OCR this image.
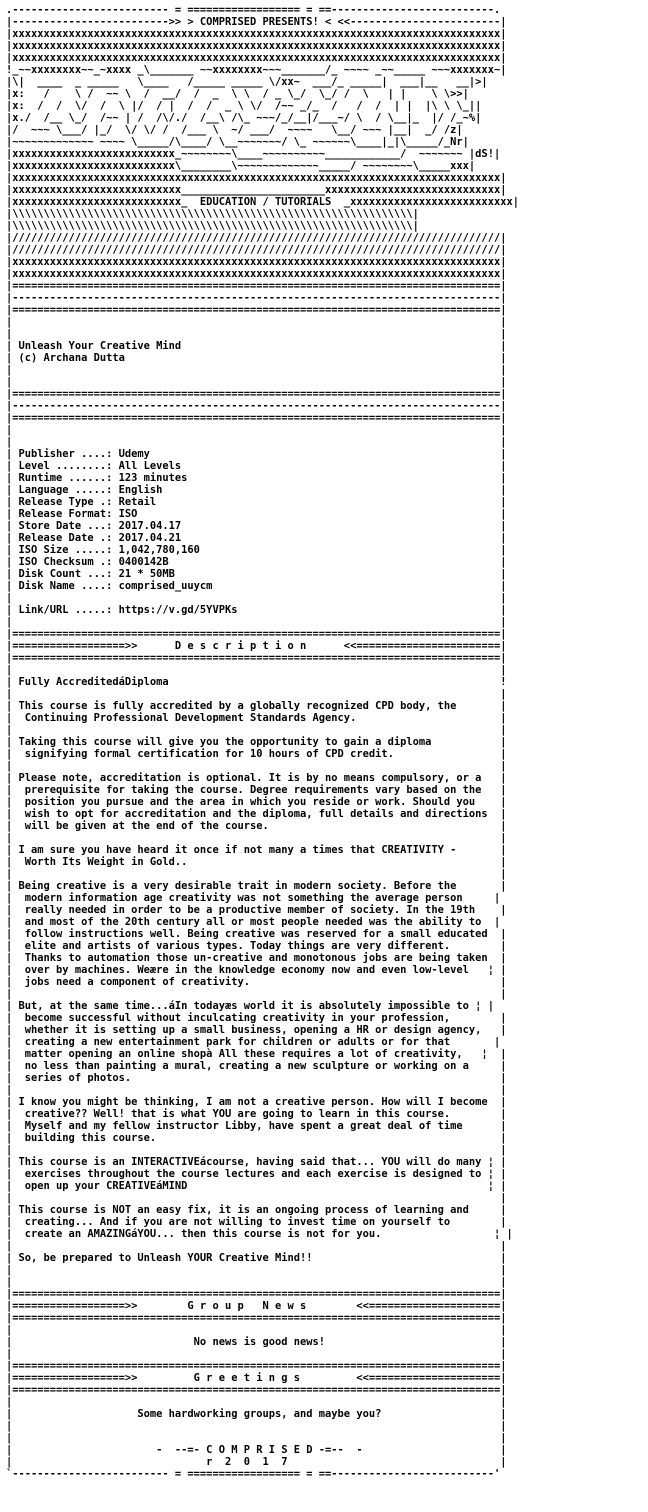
.------------------------- = ================== = ==--------------------------.
|------------------------->> > COMPRISED PRESENTS! < <<------------------------|
|xxxxxxxxxxxxxxxxxxxxxxxxxxxxxxxxxxxxxxxxxxxxxxxxxxxxxxxxxxxxxxxxxxxxxxxxxxxxxx|
|xxxxxxxxxxxxxxxxxxxxxxxxxxxxxxxxxxxxxxxxxxxxxxxxxxxxxxxxxxxxxxxxxxxxxxxxxxxxxx|
|xxxxxxxxxxxxxxxxxxxxxxxxxxxxxxxxxxxxxxxxxxxxxxxxxxxxxxxxxxxxxxxxxxxxxxxxxxxxxx|
!_~~xxxxxxxx~~_~xxxx _\_______ ~~xxxxxxxx~~~_______/_ ~~~~ _~~_____ ~~~xxxxxxx~|
|\|  ____  _ _____   \____   /_____ _____ \/xx~  ___/_ _____|  ___|__   __|>|
|x:   /    \ /  ~~ \  /  __/  /  _  \ \  / _ \_/  \_/ /  \   | |    \ \>>|
|x:  /  /  \/  /  \ |/  / |  /  /  _ \ \/  /~~ _/_  /   /  /  | |  |\ \ \_||
|x./  /__ \_/  /~~ | /  /\/./  /__\ /\_ ~~~/_/__|/___~/ \  / \__|_  |/ /_~%|
|/  ~~~ \___/ |_/  \/ \/ /  /___ \  ~/ ___/  ~~~~   \__/ ~~~ |__|  _/ /z|
|~~~~~~~~~~~~~ ~~~~ \_____/\____/ \__~~~~~~~/ \_ ~~~~~~\____|_|\_____/_Nr|
|xxxxxxxxxxxxxxxxxxxxxxxxxx_~~~~~~~~\____~~~~~~~~~~____________/  ~~~~~~~ |dS!|
|xxxxxxxxxxxxxxxxxxxxxxxxxx\________\~~~~~~~~~~~~~_____/ ~~~~~~~~\_____xxx|
|xxxxxxxxxxxxxxxxxxxxxxxxxxxxxxxxxxxxxxxxxxxxxxxxxxxxxxxxxxxxxxxxxxxxxxxxxxxxxx|
|xxxxxxxxxxxxxxxxxxxxxxxxxxx_______________________xxxxxxxxxxxxxxxxxxxxxxxxxxxx|
|xxxxxxxxxxxxxxxxxxxxxxxxxxx_  EDUCATION / TUTORIALS  _xxxxxxxxxxxxxxxxxxxxxxxxxx|
|\\\\\\\\\\\\\\\\\\\\\\\\\\\\\\\\\\\\\\\\\\\\\\\\\\\\\\\\\\\\\\\\|
|\\\\\\\\\\\\\\\\\\\\\\\\\\\\\\\\\\\\\\\\\\\\\\\\\\\\\\\\\\\\\\\\|
|//////////////////////////////////////////////////////////////////////////////|
|//////////////////////////////////////////////////////////////////////////////|
|xxxxxxxxxxxxxxxxxxxxxxxxxxxxxxxxxxxxxxxxxxxxxxxxxxxxxxxxxxxxxxxxxxxxxxxxxxxxxx|
|xxxxxxxxxxxxxxxxxxxxxxxxxxxxxxxxxxxxxxxxxxxxxxxxxxxxxxxxxxxxxxxxxxxxxxxxxxxxxx|
|==============================================================================|
|------------------------------------------------------------------------------|
|==============================================================================|
|                                                                              |
|                                                                              |
| Unleash Your Creative Mind                                                   |
| (c) Archana Dutta                                                            |
|                                                                              |
|                                                                              |
|==============================================================================|
|------------------------------------------------------------------------------|
|==============================================================================|
|                                                                              |
|                                                                              |
| Publisher ....: Udemy                                                        |
| Level ........: All Levels                                                   |
| Runtime ......: 123 minutes                                                  |
| Language .....: English                                                      |
| Release Type .: Retail                                                       |
| Release Format: ISO                                                          |
| Store Date ...: 2017.04.17                                                   |
| Release Date .: 2017.04.21                                                   |
| ISO Size .....: 1,042,780,160                                                |
| ISO Checksum .: 0400142B                                                     |
| Disk Count ...: 21 * 50MB                                                    |
| Disk Name ....: comprised_uuycm                                              |
|                                                                              |
| Link/URL .....: https://v.gd/5YVPKs                                          |
|                                                                              |
|==============================================================================|
|==================>>      D e s c r i p t i o n      <<=======================|
|==============================================================================|
|                                                                              |
| Fully AccreditedáDiploma                                                     !
|                                                                              |
| This course is fully accredited by a globally recognized CPD body, the       |
|  Continuing Professional Development Standards Agency.                       |
|                                                                              |
| Taking this course will give you the opportunity to gain a diploma           |
|  signifying formal certification for 10 hours of CPD credit.                 |
|                                                                              |
| Please note, accreditation is optional. It is by no means compulsory, or a   |
|  prerequisite for taking the course. Degree requirements vary based on the   |
|  position you pursue and the area in which you reside or work. Should you    |
|  wish to opt for accreditation and the diploma, full details and directions  |
|  will be given at the end of the course.                                     |
|                                                                              |
| I am sure you have heard it once if not many a times that CREATIVITY -       |
|  Worth Its Weight in Gold..                                                  |
|                                                                              |
| Being creative is a very desirable trait in modern society. Before the       |
|  modern information age creativity was not something the average person     |
|  really needed in order to be a productive member of society. In the 19th    |
|  and most of the 20th century all or most people needed was the ability to  |
|  follow instructions well. Being creative was reserved for a small educated  |
|  elite and artists of various types. Today things are very different.        |
|  Thanks to automation those un-creative and monotonous jobs are being taken  |
|  over by machines. Weære in the knowledge economy now and even low-level   ¦ |
|  jobs need a component of creativity.                                        |
|                                                                              |
| But, at the same time...áIn todayæs world it is absolutely impossible to ¦ |
|  become successful without inculcating creativity in your profession,        |
|  whether it is setting up a small business, opening a HR or design agency,   |
|  creating a new entertainment park for children or adults or for that       |
|  matter opening an online shopà All these requires a lot of creativity,   ¦  |
|  no less than painting a mural, creating a new sculpture or working on a     |
|  series of photos.                                                           |
|                                                                              |
| I know you might be thinking, I am not a creative person. How will I become  |
|  creative?? Well! that is what YOU are going to learn in this course.        |
|  Myself and my fellow instructor Libby, have spent a great deal of time      |
|  building this course.                                                       |
|                                                                              |
| This course is an INTERACTIVEácourse, having said that... YOU will do many ¦ |
|  exercises throughout the course lectures and each exercise is designed to ¦ |
|  open up your CREATIVEáMIND                                                ¦ |
|                                                                              |
| This course is NOT an easy fix, it is an ongoing process of learning and     |
|  creating... And if you are not willing to invest time on yourself to        |
|  create an AMAZINGáYOU... then this course is not for you.                  ¦ |
|                                                                              |
| So, be prepared to Unleash YOUR Creative Mind!!                              |
|                                                                              |
|                                                                              |
|==============================================================================|
|==================>>        G r o u p   N e w s        <<=====================|
|==============================================================================|
|                                                                              |
|                             No news is good news!                            |
|                                                                              |
|==============================================================================|
|==================>>         G r e e t i n g s         <<=====================|
|==============================================================================|
|                                                                              |
|                    Some hardworking groups, and maybe you?                   |
|                                                                              |
|                                                                              |
|                       -  --=- C O M P R I S E D -=--  -                      |
|                               r  2  0  1  7                                  |
`------------------------- = ================== = ==--------------------------'
